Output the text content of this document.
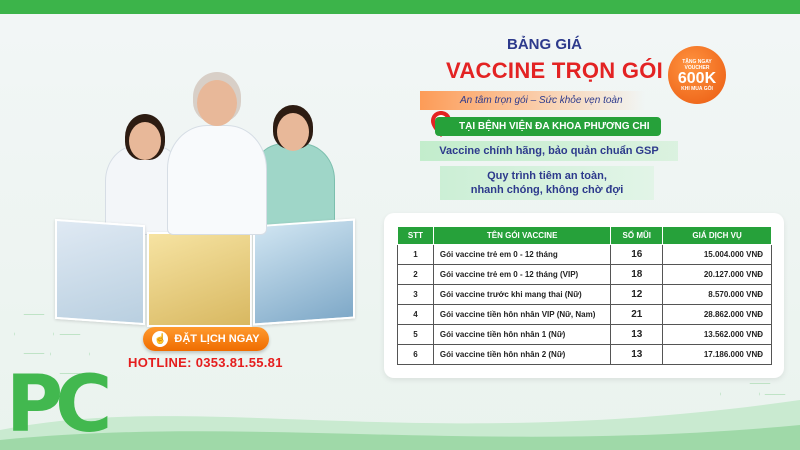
PC
☝ ĐẶT LỊCH NGAY
HOTLINE: 0353.81.55.81
BẢNG GIÁ
VACCINE TRỌN GÓI	TẶNG NGAY
VOUCHER
600K
KHI MUA GÓI
An tâm trọn gói – Sức khỏe vẹn toàn
TẠI BỆNH VIỆN ĐA KHOA PHƯƠNG CHI
Vaccine chính hãng, bảo quản chuẩn GSP
Quy trình tiêm an toàn,
nhanh chóng, không chờ đợi
STT	TÊN GÓI VACCINE	SỐ MŨI	GIÁ DỊCH VỤ
1	Gói vaccine trẻ em 0 - 12 tháng	16	15.004.000 VNĐ
2	Gói vaccine trẻ em 0 - 12 tháng (VIP)	18	20.127.000 VNĐ
3	Gói vaccine trước khi mang thai (Nữ)	12	8.570.000 VNĐ
4	Gói vaccine tiền hôn nhân VIP (Nữ, Nam)	21	28.862.000 VNĐ
5	Gói vaccine tiền hôn nhân 1 (Nữ)	13	13.562.000 VNĐ
6	Gói vaccine tiền hôn nhân 2 (Nữ)	13	17.186.000 VNĐ
